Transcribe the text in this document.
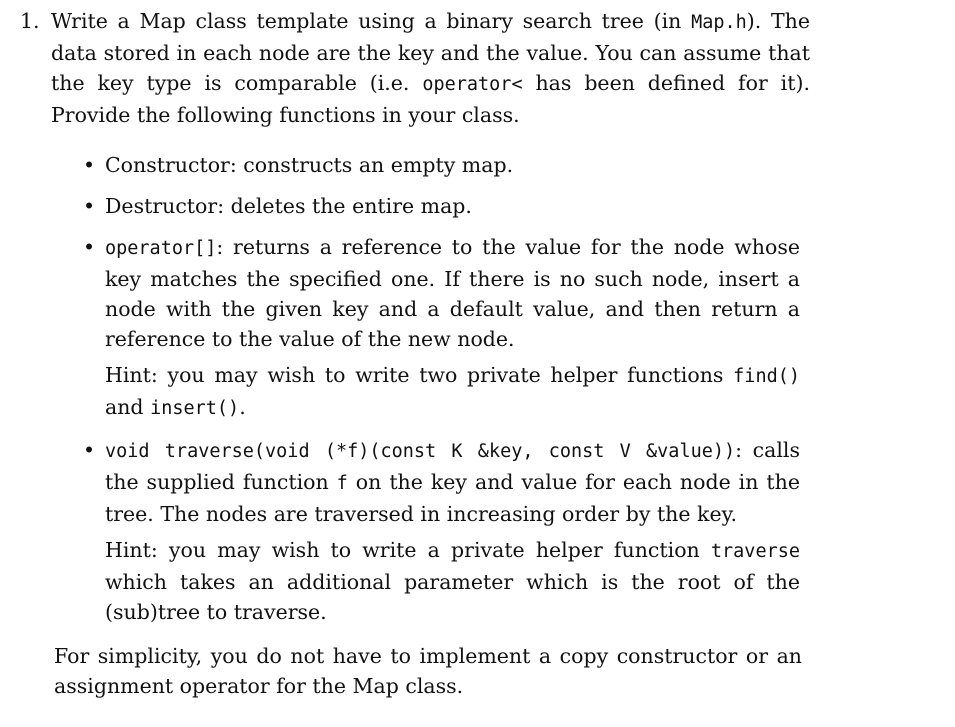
1. Write a Map class template using a binary search tree (in Map.h). The data stored in each node are the key and the value. You can assume that the key type is comparable (i.e. operator< has been defined for it). Provide the following functions in your class.
• Constructor: constructs an empty map.
• Destructor: deletes the entire map.
• operator[]: returns a reference to the value for the node whose key matches the specified one. If there is no such node, insert a node with the given key and a default value, and then return a reference to the value of the new node.
Hint: you may wish to write two private helper functions find() and insert().
• void traverse(void (*f)(const K &key, const V &value)): calls the supplied function f on the key and value for each node in the tree. The nodes are traversed in increasing order by the key.
Hint: you may wish to write a private helper function traverse which takes an additional parameter which is the root of the (sub)tree to traverse.
For simplicity, you do not have to implement a copy constructor or an assignment operator for the Map class.
